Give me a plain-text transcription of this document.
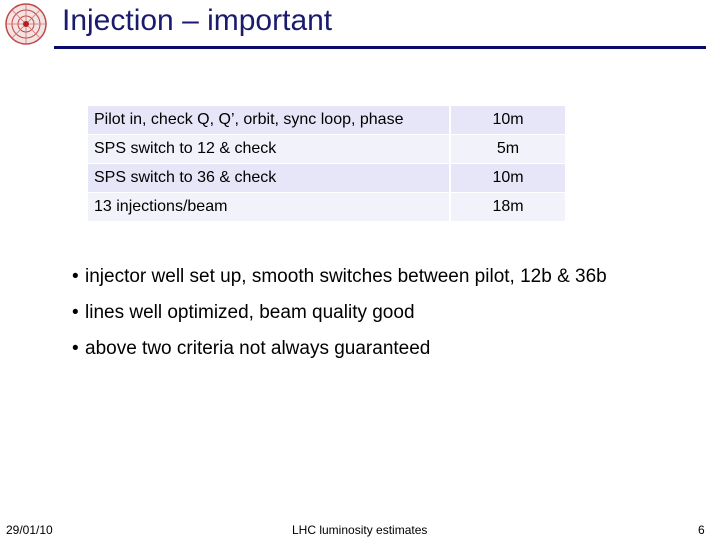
Injection – important
Pilot in, check Q, Q’, orbit, sync loop, phase	10m
SPS switch to 12 & check	5m
SPS switch to 36 & check	10m
13 injections/beam	18m
• injector well set up, smooth switches between pilot, 12b & 36b
• lines well optimized, beam quality good
• above two criteria not always guaranteed
29/01/10	LHC luminosity estimates	6
